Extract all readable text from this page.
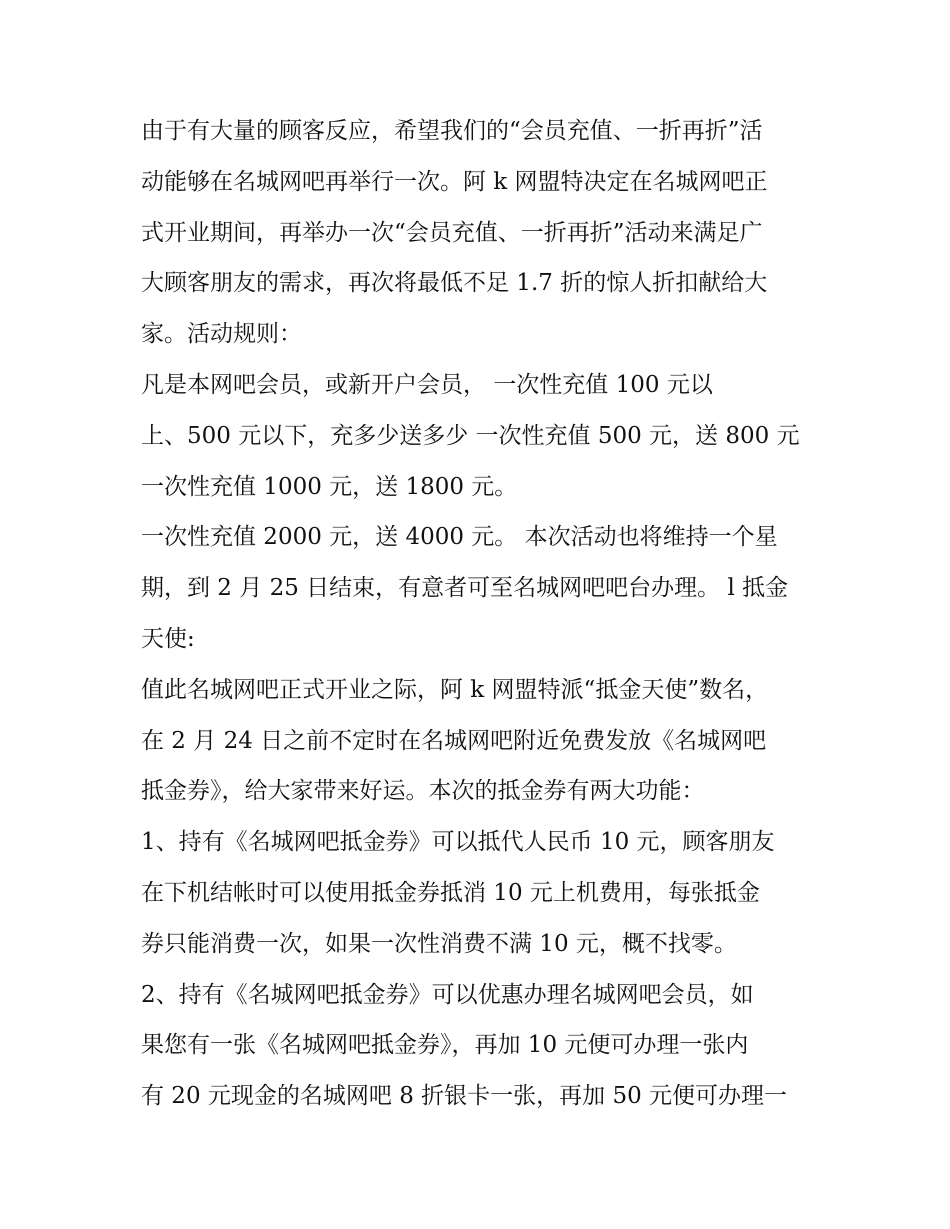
由于有大量的顾客反应，希望我们的“会员充值、一折再折”活
动能够在名城网吧再举行一次。阿 k 网盟特决定在名城网吧正
式开业期间，再举办一次“会员充值、一折再折”活动来满足广
大顾客朋友的需求，再次将最低不足 1.7 折的惊人折扣献给大
家。活动规则：
凡是本网吧会员，或新开户会员， 一次性充值 100 元以
上、500 元以下，充多少送多少 一次性充值 500 元，送 800 元
一次性充值 1000 元，送 1800 元。
一次性充值 2000 元，送 4000 元。 本次活动也将维持一个星
期，到 2 月 25 日结束，有意者可至名城网吧吧台办理。 l 抵金
天使:
值此名城网吧正式开业之际，阿 k 网盟特派“抵金天使”数名，
在 2 月 24 日之前不定时在名城网吧附近免费发放《名城网吧
抵金券》，给大家带来好运。本次的抵金券有两大功能：
1、持有《名城网吧抵金券》可以抵代人民币 10 元，顾客朋友
在下机结帐时可以使用抵金券抵消 10 元上机费用，每张抵金
券只能消费一次，如果一次性消费不满 10 元，概不找零。
2、持有《名城网吧抵金券》可以优惠办理名城网吧会员，如
果您有一张《名城网吧抵金券》，再加 10 元便可办理一张内
有 20 元现金的名城网吧 8 折银卡一张，再加 50 元便可办理一
